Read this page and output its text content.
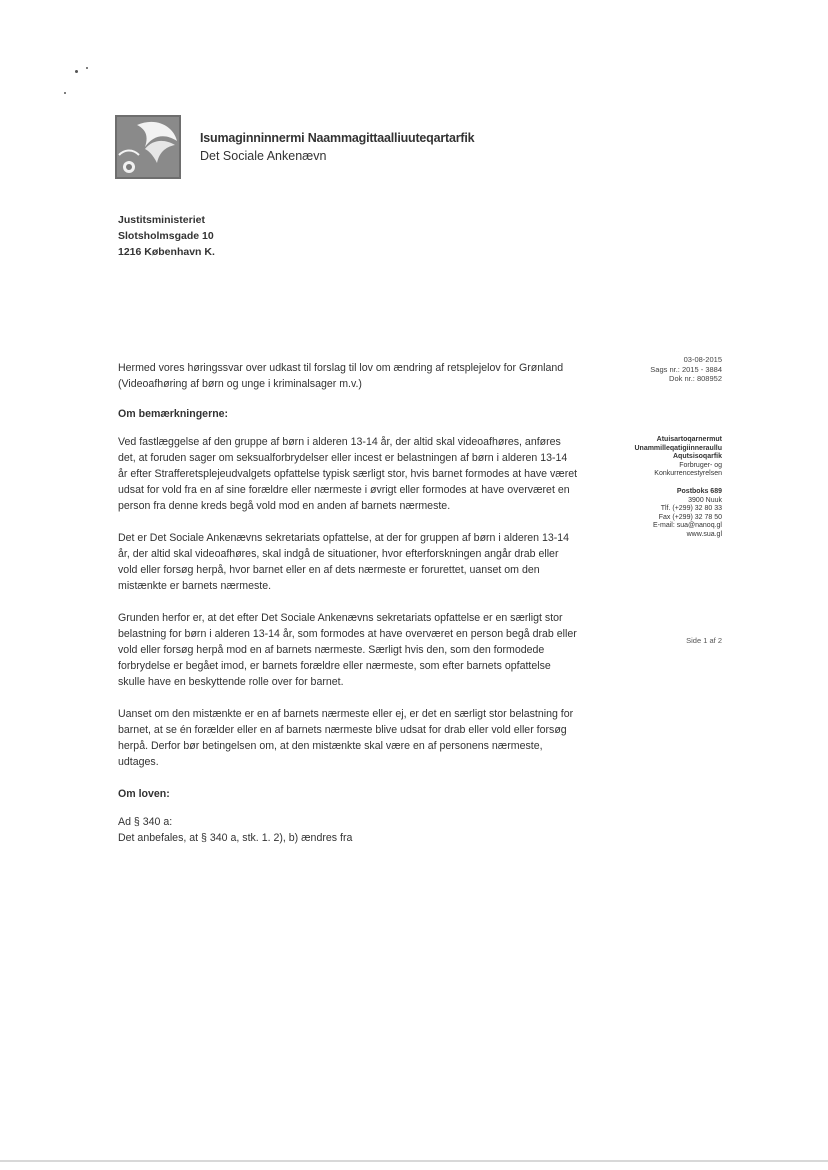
Isumaginninnermi Naammagittaalliuuteqartarfik
Det Sociale Ankenævn
Justitsministeriet
Slotsholmsgade 10
1216 København K.
03-08-2015
Sags nr.: 2015 - 3884
Dok nr.: 808952
Atuisartoqarnermut
Unammilleqatigiinneraullu
Aqutsisoqarfik
Forbruger- og
Konkurrencestyrelsen
Postboks 689
3900 Nuuk
Tlf. (+299) 32 80 33
Fax (+299) 32 78 50
E-mail: sua@nanoq.gl
www.sua.gl
Side 1 af 2

Hermed vores høringssvar over udkast til forslag til lov om ændring af retsplejelov for Grønland (Videoafhøring af børn og unge i kriminalsager m.v.)

Om bemærkningerne:

Ved fastlæggelse af den gruppe af børn i alderen 13-14 år, der altid skal videoafhøres, anføres det, at foruden sager om seksualforbrydelser eller incest er belastningen af børn i alderen 13-14 år efter Strafferetsplejeudvalgets opfattelse typisk særligt stor, hvis barnet formodes at have været udsat for vold fra en af sine forældre eller nærmeste i øvrigt eller formodes at have overværet en person fra denne kreds begå vold mod en anden af barnets nærmeste.

Det er Det Sociale Ankenævns sekretariats opfattelse, at der for gruppen af børn i alderen 13-14 år, der altid skal videoafhøres, skal indgå de situationer, hvor efterforskningen angår drab eller vold eller forsøg herpå, hvor barnet eller en af dets nærmeste er forurettet, uanset om den mistænkte er barnets nærmeste.

Grunden herfor er, at det efter Det Sociale Ankenævns sekretariats opfattelse er en særligt stor belastning for børn i alderen 13-14 år, som formodes at have overværet en person begå drab eller vold eller forsøg herpå mod en af barnets nærmeste. Særligt hvis den, som den formodede forbrydelse er begået imod, er barnets forældre eller nærmeste, som efter barnets opfattelse skulle have en beskyttende rolle over for barnet.

Uanset om den mistænkte er en af barnets nærmeste eller ej, er det en særligt stor belastning for barnet, at se én forælder eller en af barnets nærmeste blive udsat for drab eller vold eller forsøg herpå. Derfor bør betingelsen om, at den mistænkte skal være en af personens nærmeste, udtages.

Om loven:

Ad § 340 a:
Det anbefales, at § 340 a, stk. 1. 2), b) ændres fra
